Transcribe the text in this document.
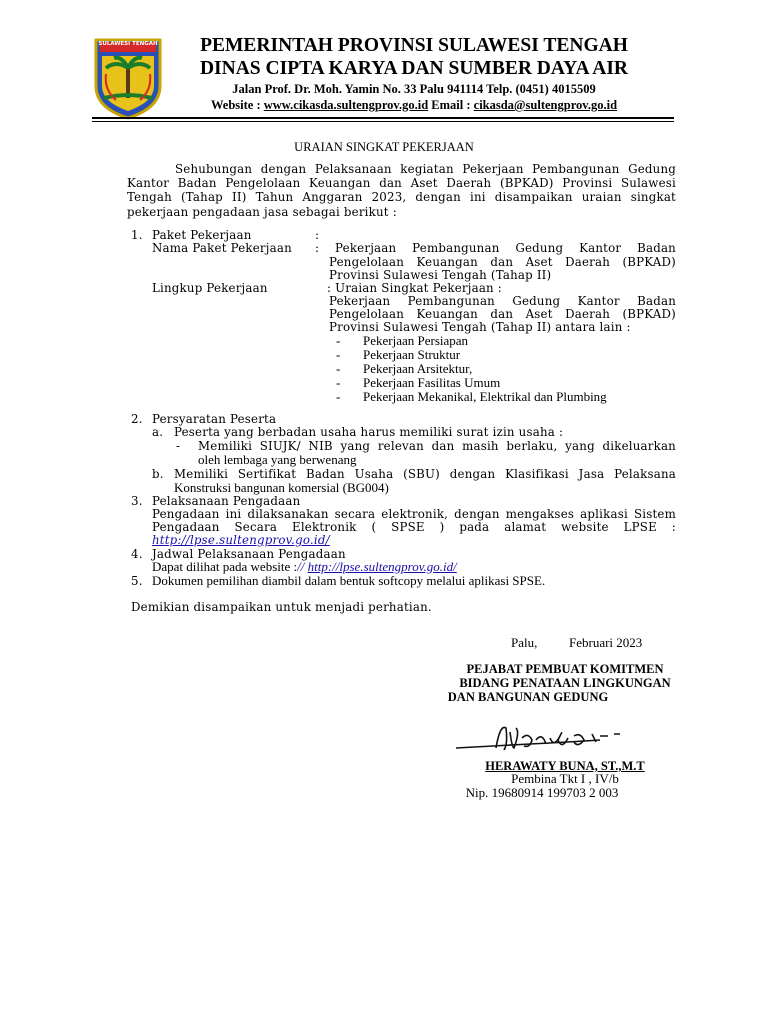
SULAWESI TENGAH	PEMERINTAH PROVINSI SULAWESI TENGAH
DINAS CIPTA KARYA DAN SUMBER DAYA AIR
Jalan Prof. Dr. Moh. Yamin No. 33 Palu 941114 Telp. (0451) 4015509
Website : www.cikasda.sultengprov.go.id Email : cikasda@sultengprov.go.id
URAIAN SINGKAT PEKERJAAN
Sehubungan dengan Pelaksanaan kegiatan Pekerjaan Pembangunan Gedung Kantor Badan Pengelolaan Keuangan dan Aset Daerah (BPKAD) Provinsi Sulawesi Tengah (Tahap II) Tahun Anggaran 2023, dengan ini disampaikan uraian singkat pekerjaan pengadaan jasa sebagai berikut :
1. Paket Pekerjaan	:
Nama Paket Pekerjaan : Pekerjaan Pembangunan Gedung Kantor Badan
Pengelolaan Keuangan dan Aset Daerah (BPKAD)
Provinsi Sulawesi Tengah (Tahap II)
Lingkup Pekerjaan	: Uraian Singkat Pekerjaan :
Pekerjaan Pembangunan Gedung Kantor Badan
Pengelolaan Keuangan dan Aset Daerah (BPKAD)
Provinsi Sulawesi Tengah (Tahap II) antara lain :
- Pekerjaan Persiapan
- Pekerjaan Struktur
- Pekerjaan Arsitektur,
- Pekerjaan Fasilitas Umum
- Pekerjaan Mekanikal, Elektrikal dan Plumbing
2. Persyaratan Peserta
a. Peserta yang berbadan usaha harus memiliki surat izin usaha :
- Memiliki SIUJK/ NIB yang relevan dan masih berlaku, yang dikeluarkan
oleh lembaga yang berwenang
b. Memiliki Sertifikat Badan Usaha (SBU) dengan Klasifikasi Jasa Pelaksana
Konstruksi bangunan komersial (BG004)
3. Pelaksanaan Pengadaan
Pengadaan ini dilaksanakan secara elektronik, dengan mengakses aplikasi Sistem
Pengadaan Secara Elektronik ( SPSE ) pada alamat website LPSE :
http://lpse.sultengprov.go.id/
4. Jadwal Pelaksanaan Pengadaan
Dapat dilihat pada website :// http://lpse.sultengprov.go.id/
5. Dokumen pemilihan diambil dalam bentuk softcopy melalui aplikasi SPSE.
Demikian disampaikan untuk menjadi perhatian.
Palu, Februari 2023
PEJABAT PEMBUAT KOMITMEN
BIDANG PENATAAN LINGKUNGAN
DAN BANGUNAN GEDUNG
HERAWATY BUNA, ST.,M.T
Pembina Tkt I , IV/b
Nip. 19680914 199703 2 003
